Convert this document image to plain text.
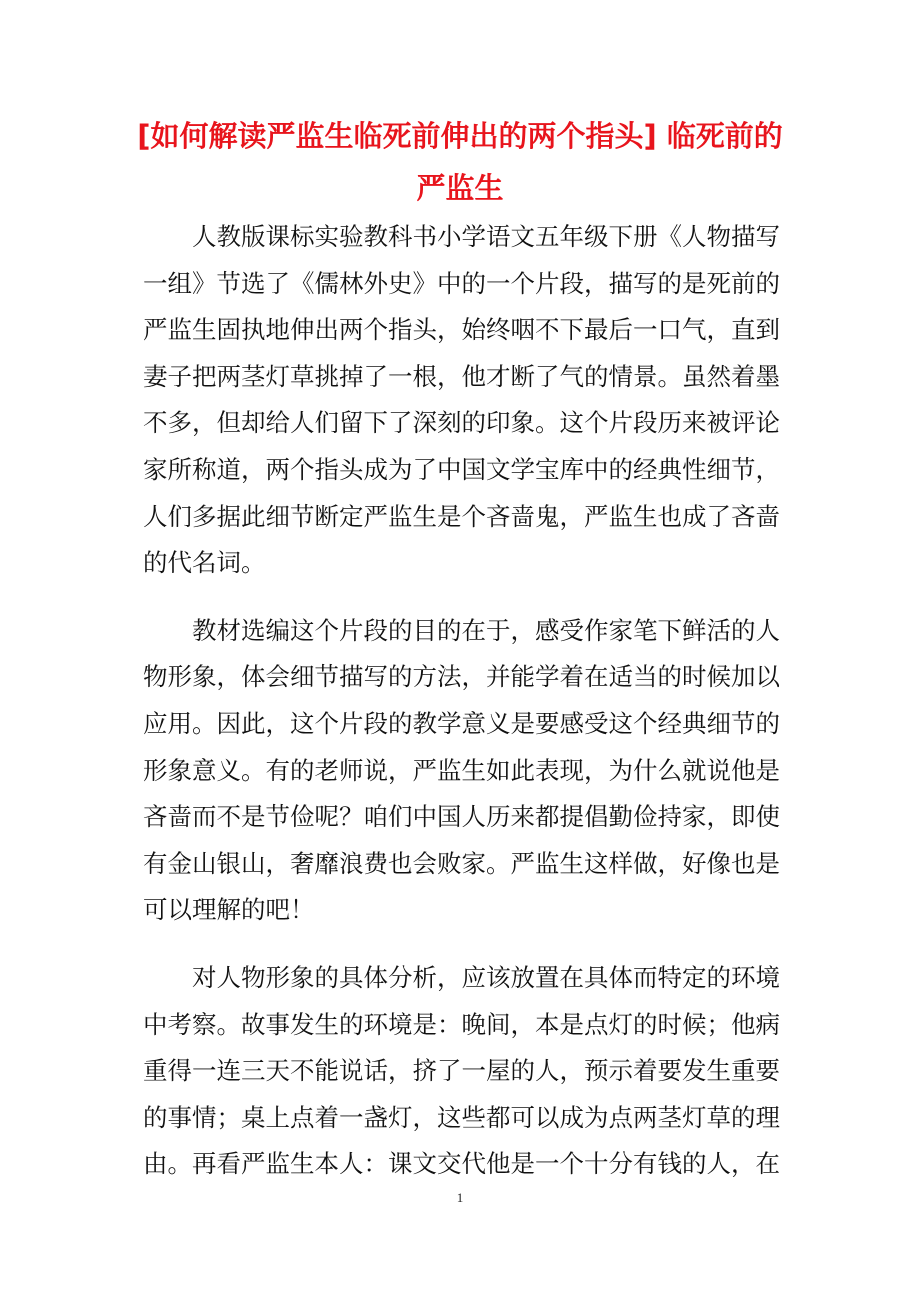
[如何解读严监生临死前伸出的两个指头] 临死前的严监生

人教版课标实验教科书小学语文五年级下册《人物描写一组》节选了《儒林外史》中的一个片段，描写的是死前的严监生固执地伸出两个指头，始终咽不下最后一口气，直到妻子把两茎灯草挑掉了一根，他才断了气的情景。虽然着墨不多，但却给人们留下了深刻的印象。这个片段历来被评论家所称道，两个指头成为了中国文学宝库中的经典性细节，人们多据此细节断定严监生是个吝啬鬼，严监生也成了吝啬的代名词。

教材选编这个片段的目的在于，感受作家笔下鲜活的人物形象，体会细节描写的方法，并能学着在适当的时候加以应用。因此，这个片段的教学意义是要感受这个经典细节的形象意义。有的老师说，严监生如此表现，为什么就说他是吝啬而不是节俭呢？咱们中国人历来都提倡勤俭持家，即使有金山银山，奢靡浪费也会败家。严监生这样做，好像也是可以理解的吧！

对人物形象的具体分析，应该放置在具体而特定的环境中考察。故事发生的环境是：晚间，本是点灯的时候；他病重得一连三天不能说话，挤了一屋的人，预示着要发生重要的事情；桌上点着一盏灯，这些都可以成为点两茎灯草的理由。再看严监生本人：课文交代他是一个十分有钱的人，在

1
